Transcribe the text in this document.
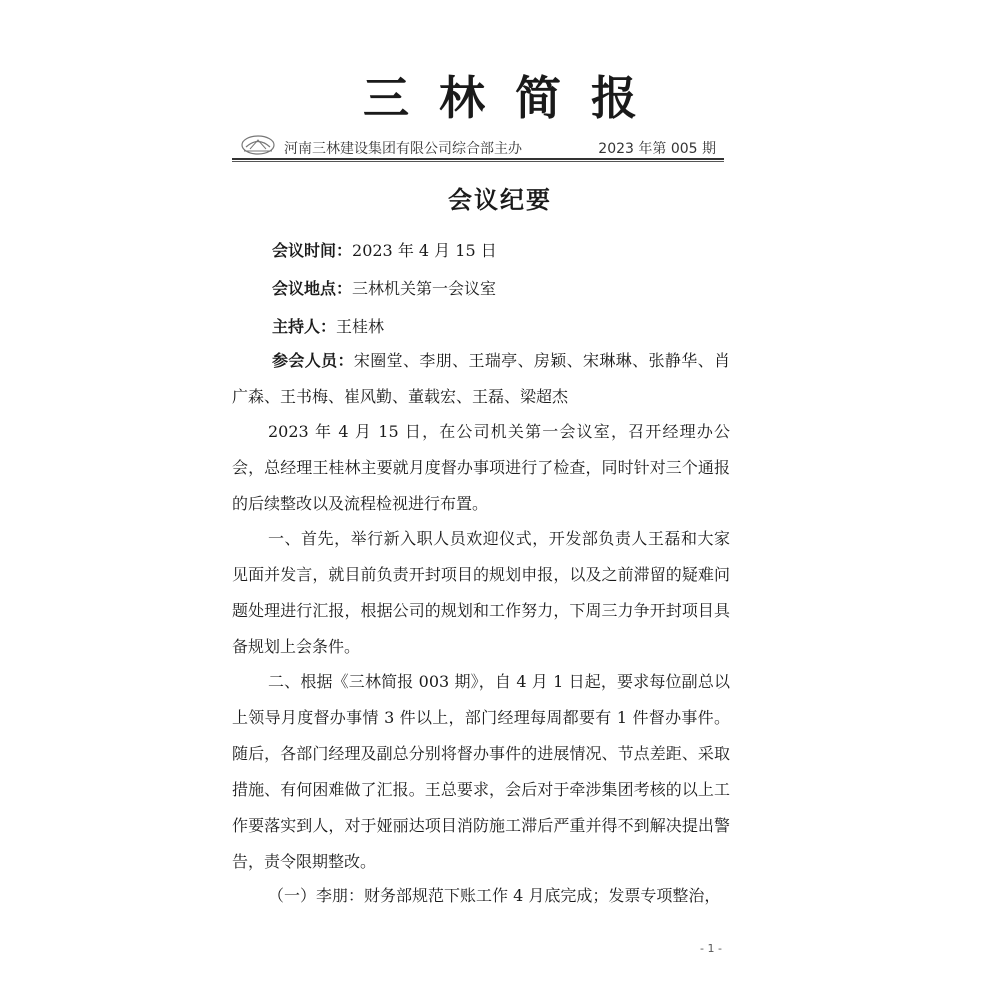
三林简报
河南三林建设集团有限公司综合部主办	2023 年第 005 期
会议纪要
会议时间：2023 年 4 月 15 日
会议地点：三林机关第一会议室
主持人：王桂林

参会人员：宋圈堂、李朋、王瑞亭、房颖、宋琳琳、张静华、肖广森、王书梅、崔风勤、董载宏、王磊、梁超杰

2023 年 4 月 15 日，在公司机关第一会议室，召开经理办公会，总经理王桂林主要就月度督办事项进行了检查，同时针对三个通报的后续整改以及流程检视进行布置。

一、首先，举行新入职人员欢迎仪式，开发部负责人王磊和大家见面并发言，就目前负责开封项目的规划申报，以及之前滞留的疑难问题处理进行汇报，根据公司的规划和工作努力，下周三力争开封项目具备规划上会条件。

二、根据《三林简报 003 期》，自 4 月 1 日起，要求每位副总以上领导月度督办事情 3 件以上，部门经理每周都要有 1 件督办事件。随后，各部门经理及副总分别将督办事件的进展情况、节点差距、采取措施、有何困难做了汇报。王总要求，会后对于牵涉集团考核的以上工作要落实到人，对于娅丽达项目消防施工滞后严重并得不到解决提出警告，责令限期整改。

（一）李朋：财务部规范下账工作 4 月底完成；发票专项整治，

- 1 -
